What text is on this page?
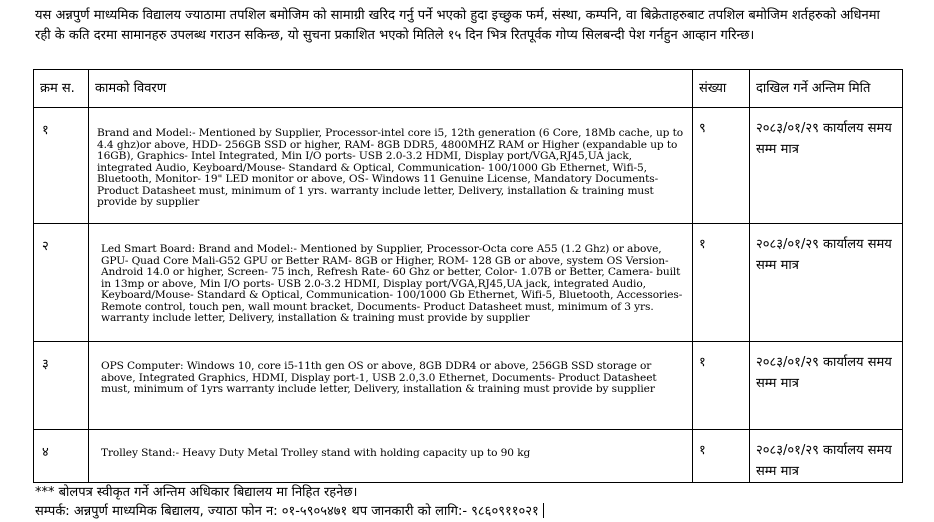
यस अन्नपुर्ण माध्यमिक विद्यालय ज्याठामा तपशिल बमोजिम को सामाग्री खरिद गर्नु पर्ने भएको हुदा इच्छुक फर्म, संस्था, कम्पनि, वा बिक्रेताहरुबाट तपशिल बमोजिम शर्तहरुको अधिनमा रही के कति दरमा सामानहरु उपलब्ध गराउन सकिन्छ, यो सुचना प्रकाशित भएको मितिले १५ दिन भित्र रितपूर्वक गोप्य सिलबन्दी पेश गर्नहुन आव्हान गरिन्छ।
क्रम स.	कामको विवरण	संख्या	दाखिल गर्ने अन्तिम मिति
१	Brand and Model:- Mentioned by Supplier, Processor-intel core i5, 12th generation (6 Core, 18Mb cache, up to 4.4 ghz)or above, HDD- 256GB SSD or higher, RAM- 8GB DDR5, 4800MHZ RAM or Higher (expandable up to 16GB), Graphics- Intel Integrated, Min I/O ports- USB 2.0-3.2 HDMI, Display port/VGA,RJ45,UA jack, integrated Audio, Keyboard/Mouse- Standard & Optical, Communication- 100/1000 Gb Ethernet, Wifi-5, Bluetooth, Monitor- 19" LED monitor or above, OS- Windows 11 Genuine License, Mandatory Documents- Product Datasheet must, minimum of 1 yrs. warranty include letter, Delivery, installation & training must provide by supplier	९	२०८३/०१/२९ कार्यालय समय सम्म मात्र
२	Led Smart Board: Brand and Model:- Mentioned by Supplier, Processor-Octa core A55 (1.2 Ghz) or above, GPU- Quad Core Mali-G52 GPU or Better RAM- 8GB or Higher, ROM- 128 GB or above, system OS Version- Android 14.0 or higher, Screen- 75 inch, Refresh Rate- 60 Ghz or better, Color- 1.07B or Better, Camera- built in 13mp or above, Min I/O ports- USB 2.0-3.2 HDMI, Display port/VGA,RJ45,UA jack, integrated Audio, Keyboard/Mouse- Standard & Optical, Communication- 100/1000 Gb Ethernet, Wifi-5, Bluetooth, Accessories- Remote control, touch pen, wall mount bracket, Documents- Product Datasheet must, minimum of 3 yrs. warranty include letter, Delivery, installation & training must provide by supplier	१	२०८३/०१/२९ कार्यालय समय सम्म मात्र
३	OPS Computer: Windows 10, core i5-11th gen OS or above, 8GB DDR4 or above, 256GB SSD storage or above, Integrated Graphics, HDMI, Display port-1, USB 2.0,3.0 Ethernet, Documents- Product Datasheet must, minimum of 1yrs warranty include letter, Delivery, installation & training must provide by supplier	१	२०८३/०१/२९ कार्यालय समय सम्म मात्र
४	Trolley Stand:- Heavy Duty Metal Trolley stand with holding capacity up to 90 kg	१	२०८३/०१/२९ कार्यालय समय सम्म मात्र
*** बोलपत्र स्वीकृत गर्ने अन्तिम अधिकार बिद्यालय मा निहित रहनेछ।
सम्पर्क: अन्नपुर्ण माध्यमिक बिद्यालय, ज्याठा फोन न: ०१-५९०५४७१ थप जानकारी को लागि:- ९८६०९११०२१
